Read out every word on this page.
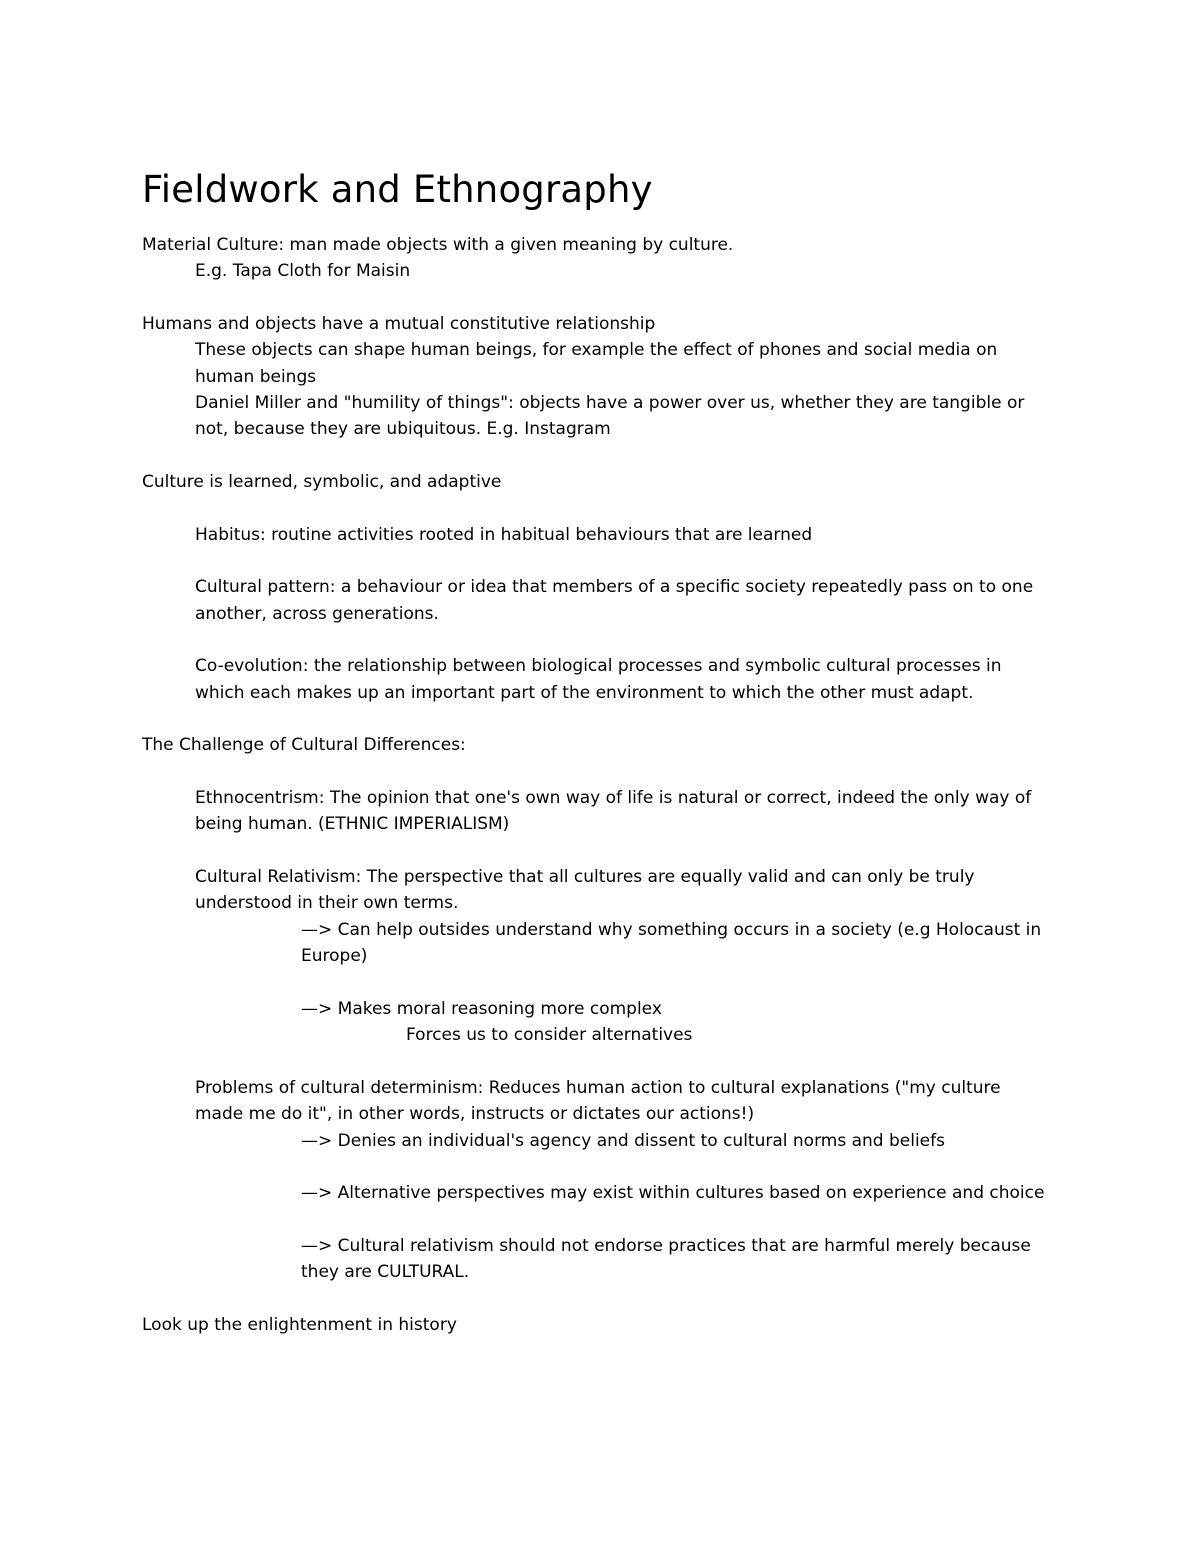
Fieldwork and Ethnography

Material Culture: man made objects with a given meaning by culture.

E.g. Tapa Cloth for Maisin

Humans and objects have a mutual constitutive relationship

These objects can shape human beings, for example the effect of phones and social media on

human beings

Daniel Miller and "humility of things": objects have a power over us, whether they are tangible or

not, because they are ubiquitous. E.g. Instagram

Culture is learned, symbolic, and adaptive

Habitus: routine activities rooted in habitual behaviours that are learned

Cultural pattern: a behaviour or idea that members of a specific society repeatedly pass on to one

another, across generations.

Co-evolution: the relationship between biological processes and symbolic cultural processes in

which each makes up an important part of the environment to which the other must adapt.

The Challenge of Cultural Differences:

Ethnocentrism: The opinion that one's own way of life is natural or correct, indeed the only way of

being human. (ETHNIC IMPERIALISM)

Cultural Relativism: The perspective that all cultures are equally valid and can only be truly

understood in their own terms.

—> Can help outsides understand why something occurs in a society (e.g Holocaust in

Europe)

—> Makes moral reasoning more complex

Forces us to consider alternatives

Problems of cultural determinism: Reduces human action to cultural explanations ("my culture

made me do it", in other words, instructs or dictates our actions!)

—> Denies an individual's agency and dissent to cultural norms and beliefs

—> Alternative perspectives may exist within cultures based on experience and choice

—> Cultural relativism should not endorse practices that are harmful merely because

they are CULTURAL.

Look up the enlightenment in history
